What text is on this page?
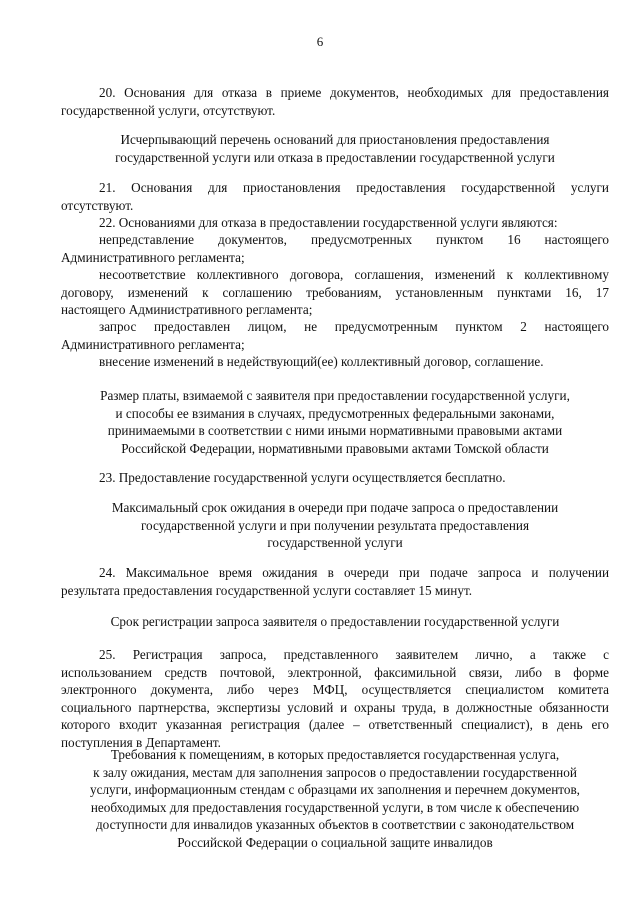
6
20. Основания для отказа в приеме документов, необходимых для предоставления
государственной услуги, отсутствуют.
Исчерпывающий перечень оснований для приостановления предоставления
государственной услуги или отказа в предоставлении государственной услуги
21. Основания для приостановления предоставления государственной услуги
отсутствуют.
22. Основаниями для отказа в предоставлении государственной услуги являются:
непредставление документов, предусмотренных пунктом 16 настоящего
Административного регламента;
несоответствие коллективного договора, соглашения, изменений к коллективному
договору, изменений к соглашению требованиям, установленным пунктами 16, 17
настоящего Административного регламента;
запрос предоставлен лицом, не предусмотренным пунктом 2 настоящего
Административного регламента;
внесение изменений в недействующий(ее) коллективный договор, соглашение.
Размер платы, взимаемой с заявителя при предоставлении государственной услуги,
и способы ее взимания в случаях, предусмотренных федеральными законами,
принимаемыми в соответствии с ними иными нормативными правовыми актами
Российской Федерации, нормативными правовыми актами Томской области
23. Предоставление государственной услуги осуществляется бесплатно.
Максимальный срок ожидания в очереди при подаче запроса о предоставлении
государственной услуги и при получении результата предоставления
государственной услуги
24. Максимальное время ожидания в очереди при подаче запроса и получении
результата предоставления государственной услуги составляет 15 минут.
Срок регистрации запроса заявителя о предоставлении государственной услуги
25. Регистрация запроса, представленного заявителем лично, а также с
использованием средств почтовой, электронной, факсимильной связи, либо в форме
электронного документа, либо через МФЦ, осуществляется специалистом комитета
социального партнерства, экспертизы условий и охраны труда, в должностные обязанности
которого входит указанная регистрация (далее – ответственный специалист), в день его
поступления в Департамент.
Требования к помещениям, в которых предоставляется государственная услуга,
к залу ожидания, местам для заполнения запросов о предоставлении государственной
услуги, информационным стендам с образцами их заполнения и перечнем документов,
необходимых для предоставления государственной услуги, в том числе к обеспечению
доступности для инвалидов указанных объектов в соответствии с законодательством
Российской Федерации о социальной защите инвалидов
